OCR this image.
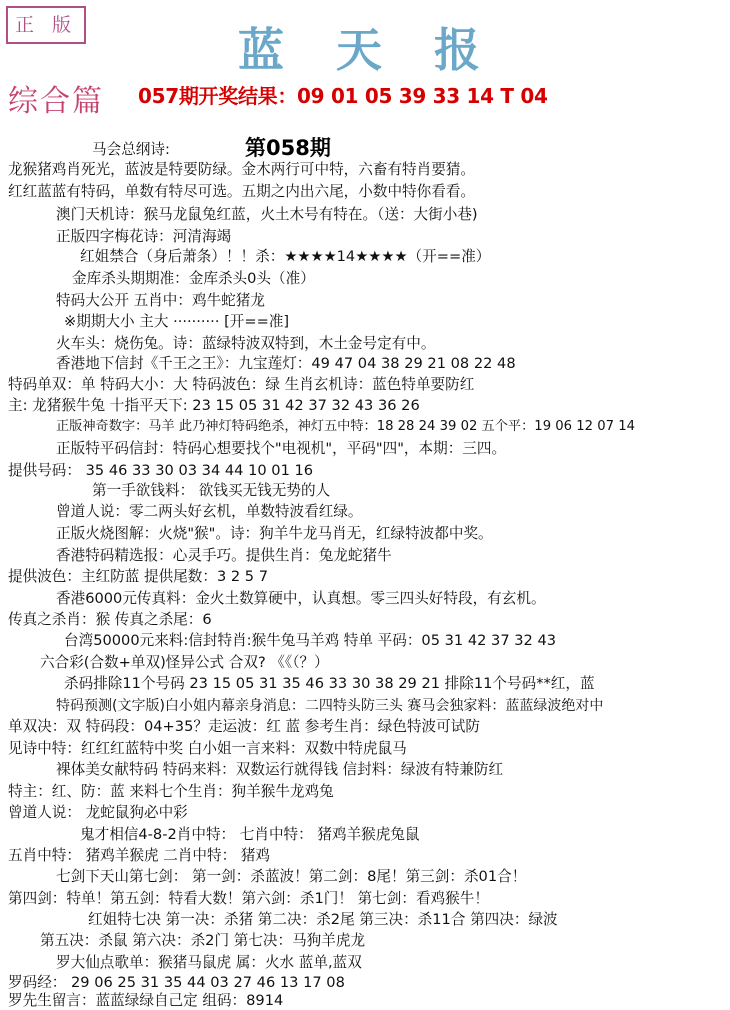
正 版	蓝天报
综合篇 057期开奖结果：09 01 05 39 33 14 T 04
第058期
马会总纲诗:
龙猴猪鸡肖死光，蓝波是特要防绿。金木两行可中特，六畜有特肖要猜。
红红蓝蓝有特码，单数有特尽可选。五期之内出六尾，小数中特你看看。
澳门天机诗：猴马龙鼠兔红蓝，火土木号有特在。（送：大街小巷)
正版四字梅花诗：河清海竭
红姐禁合（身后萧条）！！杀：★★★★14★★★★（开==准）
金库杀头期期准：金库杀头0头（准）
特码大公开 五肖中：鸡牛蛇猪龙
※期期大小 主大 ·········· [开==准]
火车头：烧伤兔。诗：蓝绿特波双特到，木土金号定有中。
香港地下信封《千王之王》：九宝莲灯：49 47 04 38 29 21 08 22 48
特码单双：单 特码大小：大 特码波色：绿 生肖玄机诗：蓝色特单要防红
主: 龙猪猴牛兔 十指平天下: 23 15 05 31 42 37 32 43 36 26
正版神奇数字：马羊 此乃神灯特码绝杀，神灯五中特：18 28 24 39 02 五个平：19 06 12 07 14
正版特平码信封：特码心想要找个"电视机"，平码"四"，本期：三四。
提供号码： 35 46 33 30 03 34 44 10 01 16
第一手欲钱料： 欲钱买无钱无势的人
曾道人说：零二两头好玄机，单数特波看红绿。
正版火烧图解：火烧"猴"。诗：狗羊牛龙马肖无，红绿特波都中奖。
香港特码精选报：心灵手巧。提供生肖：兔龙蛇猪牛
提供波色：主红防蓝 提供尾数：3 2 5 7
香港6000元传真料：金火土数算硬中，认真想。零三四头好特段，有玄机。
传真之杀肖：猴 传真之杀尾：6
台湾50000元来料:信封特肖:猴牛兔马羊鸡 特单 平码：05 31 42 37 32 43
六合彩(合数+单双)怪异公式 合双? 《《（？）
杀码排除11个号码 23 15 05 31 35 46 33 30 38 29 21 排除11个号码**红，蓝
特码预测(文字版)白小姐内幕亲身消息：二四特头防三头 赛马会独家料：蓝蓝绿波绝对中
单双决：双 特码段：04+35？走运波：红 蓝 参考生肖：绿色特波可试防
见诗中特：红红红蓝特中奖 白小姐一言来料：双数中特虎鼠马
裸体美女献特码 特码来料：双数运行就得钱 信封料：绿波有特兼防红
特主：红、防：蓝 来料七个生肖：狗羊猴牛龙鸡兔
曾道人说： 龙蛇鼠狗必中彩
鬼才相信4-8-2肖中特： 七肖中特： 猪鸡羊猴虎兔鼠
五肖中特： 猪鸡羊猴虎 二肖中特： 猪鸡
七剑下天山第七剑： 第一剑：杀蓝波！第二剑：8尾！第三剑：杀01合！
第四剑：特单！第五剑：特看大数！第六剑：杀1门！ 第七剑：看鸡猴牛！
红姐特七决 第一决：杀猪 第二决：杀2尾 第三决：杀11合 第四决：绿波
第五决：杀鼠 第六决：杀2门 第七决：马狗羊虎龙
罗大仙点歌单：猴猪马鼠虎 属：火水 蓝单,蓝双
罗码经： 29 06 25 31 35 44 03 27 46 13 17 08
罗先生留言：蓝蓝绿绿自己定 组码：8914
